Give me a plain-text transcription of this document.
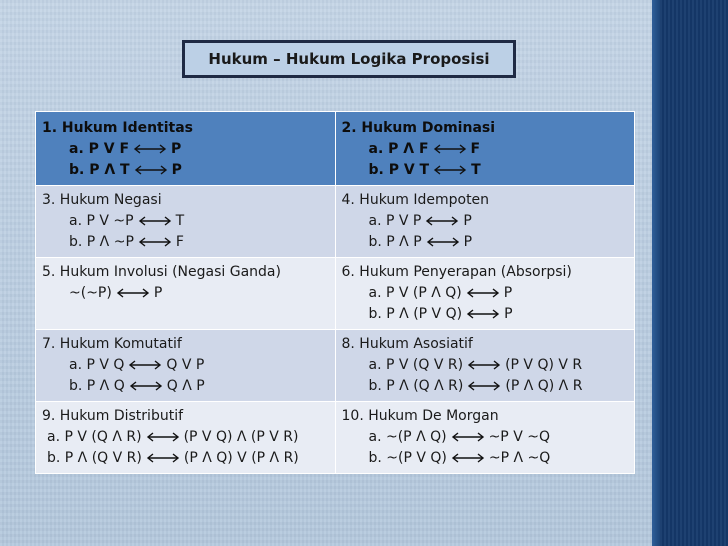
Hukum – Hukum Logika Proposisi
1. Hukum Identitas
a. P V F P
b. P Λ T P	2. Hukum Dominasi
a. P Λ F F
b. P V T T

3. Hukum Negasi
a. P V ~P T
b. P Λ ~P F	4. Hukum Idempoten
a. P V P P
b. P Λ P P

5. Hukum Involusi (Negasi Ganda)
~(~P) P	6. Hukum Penyerapan (Absorpsi)
a. P V (P Λ Q) P
b. P Λ (P V Q) P

7. Hukum Komutatif
a. P V Q Q V P
b. P Λ Q Q Λ P	8. Hukum Asosiatif
a. P V (Q V R) (P V Q) V R
b. P Λ (Q Λ R) (P Λ Q) Λ R

9. Hukum Distributif
a. P V (Q Λ R) (P V Q) Λ (P V R)
b. P Λ (Q V R) (P Λ Q) V (P Λ R)	10. Hukum De Morgan
a. ~(P Λ Q) ~P V ~Q
b. ~(P V Q) ~P Λ ~Q
